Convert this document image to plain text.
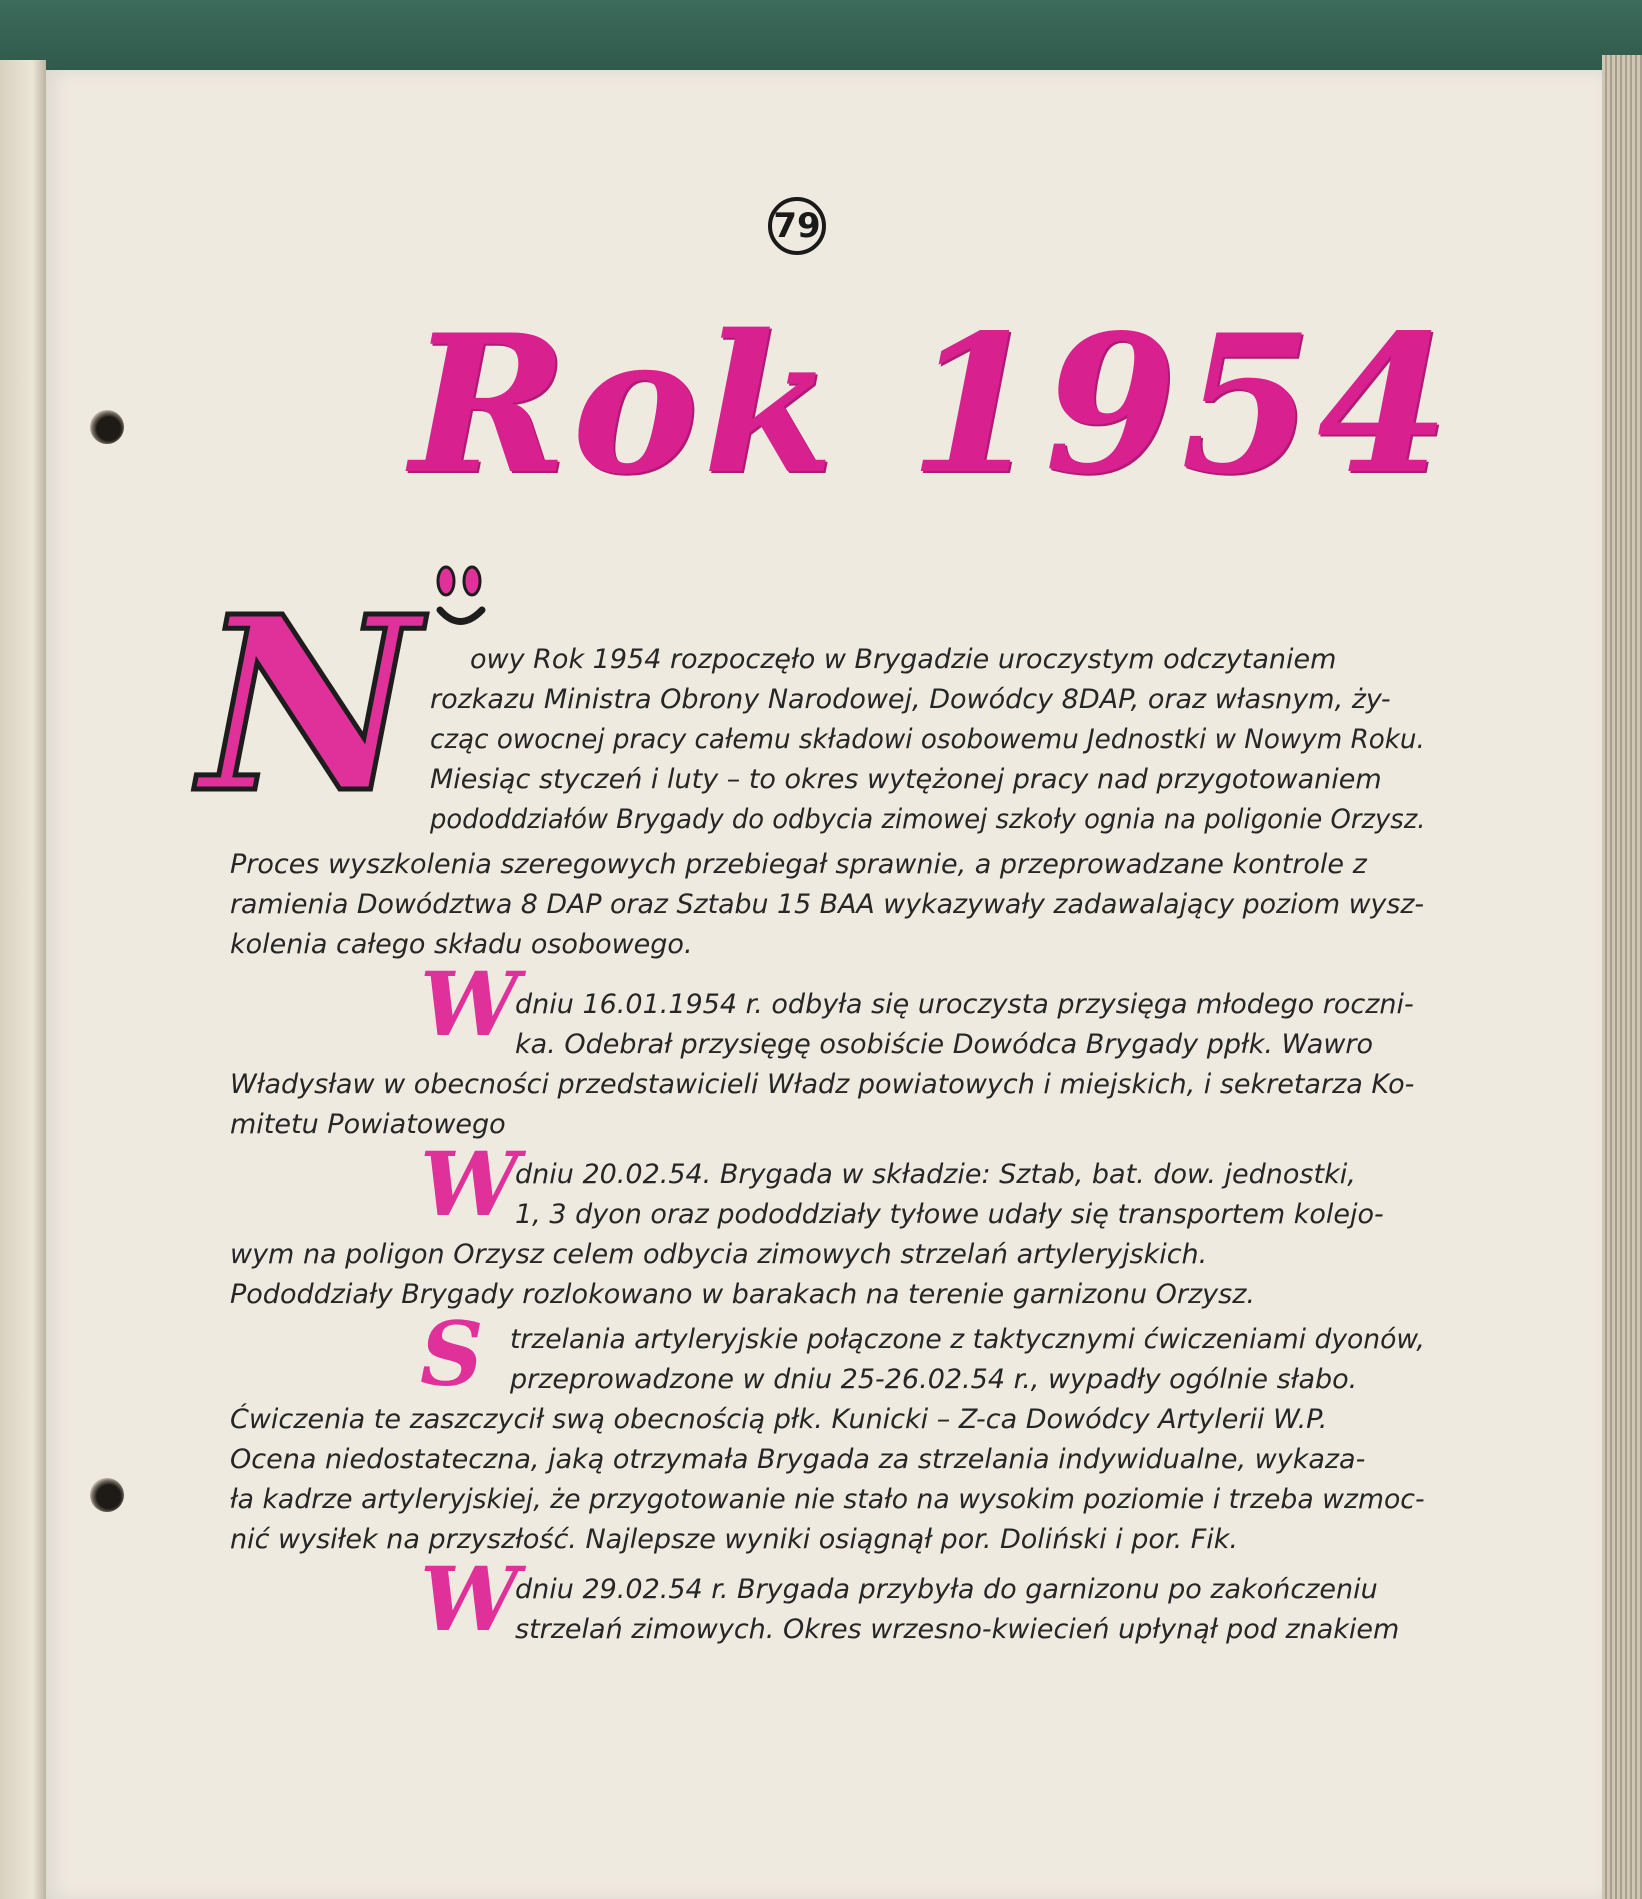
79
Rok 1954
N owy Rok 1954 rozpoczęło w Brygadzie uroczystym odczytaniem
rozkazu Ministra Obrony Narodowej, Dowódcy 8DAP, oraz własnym, ży-
cząc owocnej pracy całemu składowi osobowemu Jednostki w Nowym Roku.
Miesiąc styczeń i luty – to okres wytężonej pracy nad przygotowaniem
pododdziałów Brygady do odbycia zimowej szkoły ognia na poligonie Orzysz.
Proces wyszkolenia szeregowych przebiegał sprawnie, a przeprowadzane kontrole z
ramienia Dowództwa 8 DAP oraz Sztabu 15 BAA wykazywały zadawalający poziom wysz-
kolenia całego składu osobowego.
W
dniu 16.01.1954 r. odbyła się uroczysta przysięga młodego roczni-
ka. Odebrał przysięgę osobiście Dowódca Brygady ppłk. Wawro
Władysław w obecności przedstawicieli Władz powiatowych i miejskich, i sekretarza Ko-
mitetu Powiatowego
W
dniu 20.02.54. Brygada w składzie: Sztab, bat. dow. jednostki,
1, 3 dyon oraz pododdziały tyłowe udały się transportem kolejo-
wym na poligon Orzysz celem odbycia zimowych strzelań artyleryjskich.
Pododdziały Brygady rozlokowano w barakach na terenie garnizonu Orzysz.
S trzelania artyleryjskie połączone z taktycznymi ćwiczeniami dyonów,
przeprowadzone w dniu 25-26.02.54 r., wypadły ogólnie słabo.
Ćwiczenia te zaszczycił swą obecnością płk. Kunicki – Z-ca Dowódcy Artylerii W.P.
Ocena niedostateczna, jaką otrzymała Brygada za strzelania indywidualne, wykaza-
ła kadrze artyleryjskiej, że przygotowanie nie stało na wysokim poziomie i trzeba wzmoc-
nić wysiłek na przyszłość. Najlepsze wyniki osiągnął por. Doliński i por. Fik.
W
dniu 29.02.54 r. Brygada przybyła do garnizonu po zakończeniu
strzelań zimowych. Okres wrzesno-kwiecień upłynął pod znakiem
